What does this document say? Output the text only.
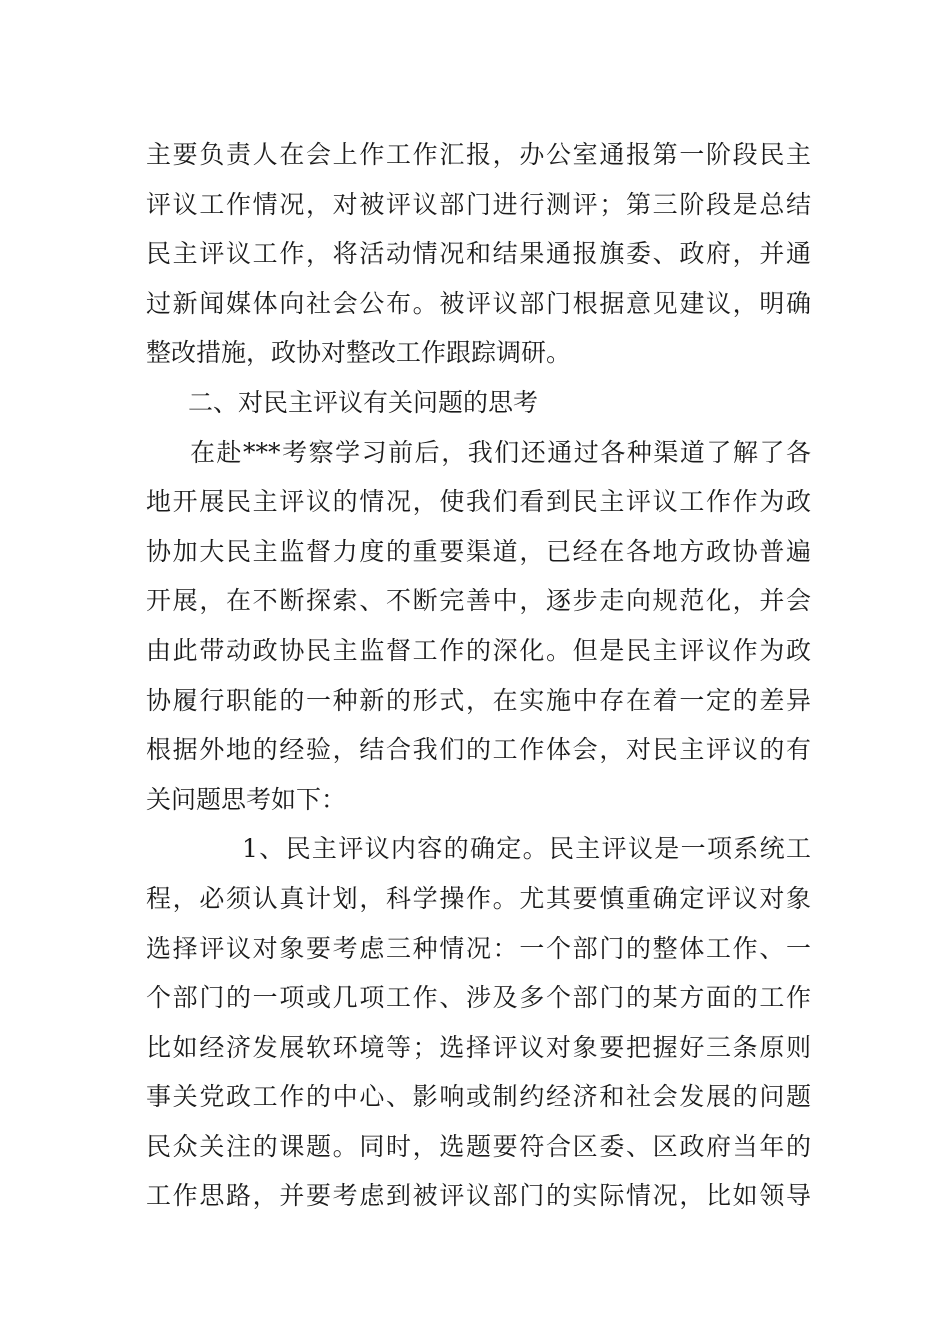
主要负责人在会上作工作汇报，办公室通报第一阶段民主
评议工作情况，对被评议部门进行测评；第三阶段是总结
民主评议工作，将活动情况和结果通报旗委、政府，并通
过新闻媒体向社会公布。被评议部门根据意见建议，明确
整改措施，政协对整改工作跟踪调研。
二、对民主评议有关问题的思考
在赴***考察学习前后，我们还通过各种渠道了解了各
地开展民主评议的情况，使我们看到民主评议工作作为政
协加大民主监督力度的重要渠道，已经在各地方政协普遍
开展，在不断探索、不断完善中，逐步走向规范化，并会
由此带动政协民主监督工作的深化。但是民主评议作为政
协履行职能的一种新的形式，在实施中存在着一定的差异
根据外地的经验，结合我们的工作体会，对民主评议的有
关问题思考如下：
1、民主评议内容的确定。民主评议是一项系统工
程，必须认真计划，科学操作。尤其要慎重确定评议对象
选择评议对象要考虑三种情况：一个部门的整体工作、一
个部门的一项或几项工作、涉及多个部门的某方面的工作
比如经济发展软环境等；选择评议对象要把握好三条原则
事关党政工作的中心、影响或制约经济和社会发展的问题
民众关注的课题。同时，选题要符合区委、区政府当年的
工作思路，并要考虑到被评议部门的实际情况，比如领导
